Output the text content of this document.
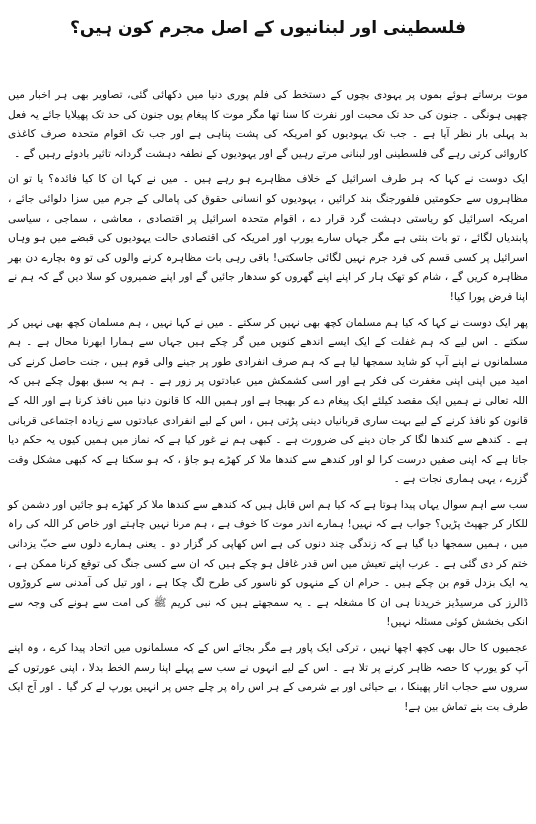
فلسطینی اور لبنانیوں کے اصل مجرم کون ہیں؟

موت برساتے ہوئے بموں پر یہودی بچوں کے دستخط کی فلم پوری دنیا میں دکھائی گئی، تصاویر بھی ہر اخبار میں چھپی ہونگی ۔ جنون کی حد تک محبت اور نفرت کا سنا تھا مگر موت کا پیغام یوں جنون کی حد تک پھیلایا جائے یہ فعل بد پہلی بار نظر آیا ہے ۔ جب تک یہودیوں کو امریکہ کی پشت پناہی ہے اور جب تک اقوام متحدہ صرف کاغذی کاروائی کرتی رہے گی فلسطینی اور لبنانی مرتے رہیں گے اور یہودیوں کے نطفہ دہشت گردانہ تاثیر بادوئے رہیں گے ۔

ایک دوست نے کہا کہ ہر طرف اسرائیل کے خلاف مظاہرے ہو رہے ہیں ۔ میں نے کہا ان کا کیا فائدہ؟ یا تو ان مظاہروں سے حکومتیں فلفورجنگ بند کرائیں ، یہودیوں کو انسانی حقوق کی پامالی کے جرم میں سزا دلوائی جائے ، امریکہ اسرائیل کو ریاستی دہشت گرد قرار دے ، اقوام متحدہ اسرائیل پر اقتصادی ، معاشی ، سماجی ، سیاسی پابندیاں لگائے ، تو بات بنتی ہے مگر جہاں سارے یورپ اور امریکہ کی اقتصادی حالت یہودیوں کی قبضے میں ہو وہاں اسرائیل پر کسی قسم کی فرد جرم نہیں لگائی جاسکتی! باقی رہی بات مظاہرہ کرنے والوں کی تو وہ بچارے دن بھر مظاہرہ کریں گے ، شام کو تھک ہار کر اپنے اپنے گھروں کو سدھار جائیں گے اور اپنے ضمیروں کو سلا دیں گے کہ ہم نے اپنا فرض پورا کیا!

پھر ایک دوست نے کہا کہ کیا ہم مسلمان کچھ بھی نہیں کر سکتے ۔ میں نے کہا نہیں ، ہم مسلمان کچھ بھی نہیں کر سکتے ۔ اس لیے کہ ہم غفلت کے ایک ایسے اندھے کنویں میں گر چکے ہیں جہاں سے ہمارا ابھرنا محال ہے ۔ ہم مسلمانوں نے اپنے آپ کو شاید سمجھا لیا ہے کہ ہم صرف انفرادی طور پر جینے والی قوم ہیں ، جنت حاصل کرنے کی امید میں اپنی اپنی مغفرت کی فکر ہے اور اسی کشمکش میں عبادتوں پر زور ہے ۔ ہم یہ سبق بھول چکے ہیں کہ اللہ تعالی نے ہمیں ایک مقصد کیلئے ایک پیغام دے کر بھیجا ہے اور ہمیں اللہ کا قانون دنیا میں نافذ کرنا ہے اور اللہ کے قانون کو نافذ کرنے کے لیے بہت ساری قربانیاں دینی پڑتی ہیں ، اس کے لیے انفرادی عبادتوں سے زیادہ اجتماعی قربانی ہے ۔ کندھے سے کندھا لگا کر جان دینے کی ضرورت ہے ۔ کبھی ہم نے غور کیا ہے کہ نماز میں ہمیں کیوں یہ حکم دیا جاتا ہے کہ اپنی صفیں درست کرا لو اور کندھے سے کندھا ملا کر کھڑے ہو جاؤ ، کہ ہو سکتا ہے کہ کبھی مشکل وقت گزرے ، یہی ہماری نجات ہے ۔

سب سے اہم سوال یہاں پیدا ہوتا ہے کہ کیا ہم اس قابل ہیں کہ کندھے سے کندھا ملا کر کھڑے ہو جائیں اور دشمن کو للکار کر جھپٹ پڑیں؟ جواب ہے کہ نہیں! ہمارے اندر موت کا خوف ہے ، ہم مرنا نہیں چاہتے اور خاص کر اللہ کی راہ میں ، ہمیں سمجھا دیا گیا ہے کہ زندگی چند دنوں کی ہے اس کھاپی کر گزار دو ۔ یعنی ہمارے دلوں سے حبّ یزدانی ختم کر دی گئی ہے ۔ عرب اپنے تعیش میں اس قدر غافل ہو چکے ہیں کہ ان سے کسی جنگ کی توقع کرنا ممکن ہے ، یہ ایک بزدل قوم بن چکے ہیں ۔ حرام ان کے منہوں کو ناسور کی طرح لگ چکا ہے ، اور تیل کی آمدنی سے کروڑوں ڈالرز کی مرسیڈیز خریدنا ہی ان کا مشغلہ ہے ۔ یہ سمجھتے ہیں کہ نبی کریم ﷺ کی امت سے ہونے کی وجہ سے انکی بخشش کوئی مسئلہ نہیں!

عجمیوں کا حال بھی کچھ اچھا نہیں ، ترکی ایک پاور ہے مگر بجائے اس کے کہ مسلمانوں میں اتحاد پیدا کرے ، وہ اپنے آپ کو یورپ کا حصہ ظاہر کرنے پر تلا ہے ۔ اس کے لیے انہوں نے سب سے پہلے اپنا رسم الخط بدلا ، اپنی عورتوں کے سروں سے حجاب اتار پھینکا ، بے حیائی اور بے شرمی کے ہر اس راہ پر چلے جس پر انہیں یورپ لے کر گیا ۔ اور آج ایک طرف بت بنے تماش بین ہے!
